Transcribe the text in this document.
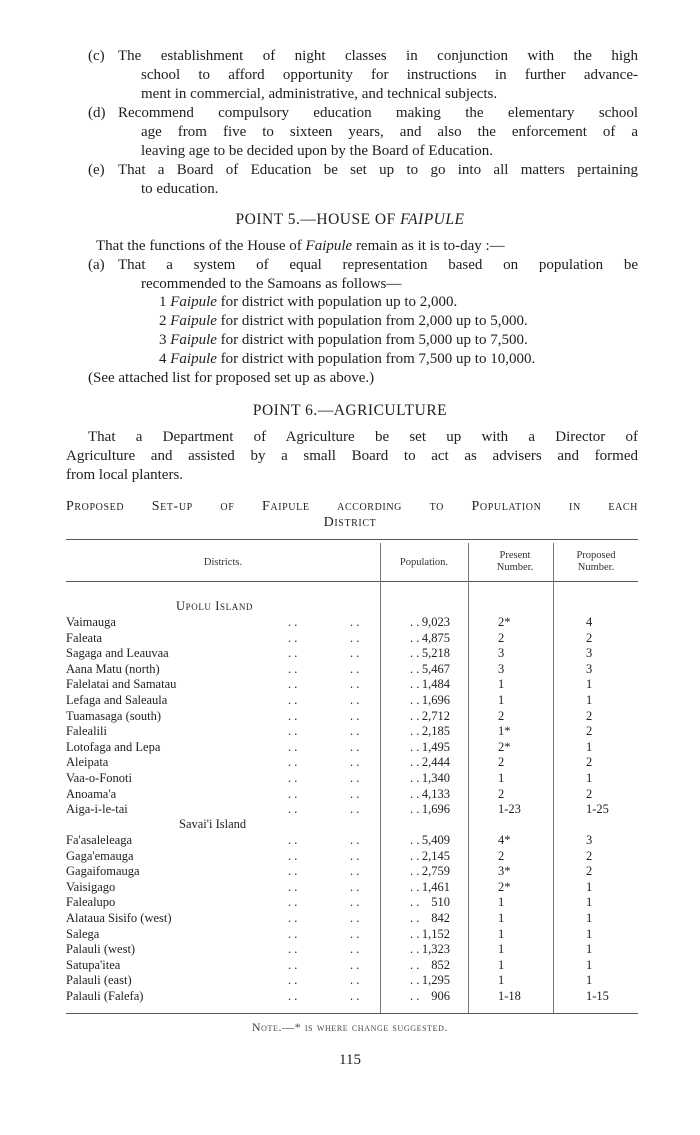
(c) The establishment of night classes in conjunction with the high
school to afford opportunity for instructions in further advance-
ment in commercial, administrative, and technical subjects.
(d) Recommend compulsory education making the elementary school
age from five to sixteen years, and also the enforcement of a
leaving age to be decided upon by the Board of Education.
(e) That a Board of Education be set up to go into all matters pertaining
to education.
POINT 5.—HOUSE OF FAIPULE
That the functions of the House of Faipule remain as it is to-day :—
(a) That a system of equal representation based on population be
recommended to the Samoans as follows—
1 Faipule for district with population up to 2,000.
2 Faipule for district with population from 2,000 up to 5,000.
3 Faipule for district with population from 5,000 up to 7,500.
4 Faipule for district with population from 7,500 up to 10,000.
(See attached list for proposed set up as above.)
POINT 6.—AGRICULTURE
That a Department of Agriculture be set up with a Director of
Agriculture and assisted by a small Board to act as advisers and formed
from local planters.
Proposed Set-up of Faipule according to Population in each
District
Districts.	Population.
Present Number.
Proposed Number.
Upolu Island
Vaimauga	. .	. .	. . 9,023	2*	4
Faleata	. .	. .	. . 4,875	2	2
Sagaga and Leauvaa	. .	. .	. . 5,218	3	3
Aana Matu (north)	. .	. .	. . 5,467	3	3
Falelatai and Samatau	. .	. .	. . 1,484	1	1
Lefaga and Saleaula	. .	. .	. . 1,696	1	1
Tuamasaga (south)	. .	. .	. . 2,712	2	2
Falealili	. .	. .	. . 2,185	1*	2
Lotofaga and Lepa	. .	. .	. . 1,495	2*	1
Aleipata	. .	. .	. . 2,444	2	2
Vaa-o-Fonoti	. .	. .	. . 1,340	1	1
Anoama'a	. .	. .	. . 4,133	2	2
Aiga-i-le-tai	. .	. .	. . 1,696	1-23	1-25
Savai'i Island
Fa'asaleleaga	. .	. .	. . 5,409	4*	3
Gaga'emauga	. .	. .	. . 2,145	2	2
Gagaifomauga	. .	. .	. . 2,759	3*	2
Vaisigago	. .	. .	. . 1,461	2*	1
Falealupo	. .	. .	. . 510	1	1
Alataua Sisifo (west)	. .	. .	. . 842	1	1
Salega	. .	. .	. . 1,152	1	1
Palauli (west)	. .	. .	. . 1,323	1	1
Satupa'itea	. .	. .	. . 852	1	1
Palauli (east)	. .	. .	. . 1,295	1	1
Palauli (Falefa)	. .	. .	. . 906	1-18	1-15
Note.—* is where change suggested.
115
